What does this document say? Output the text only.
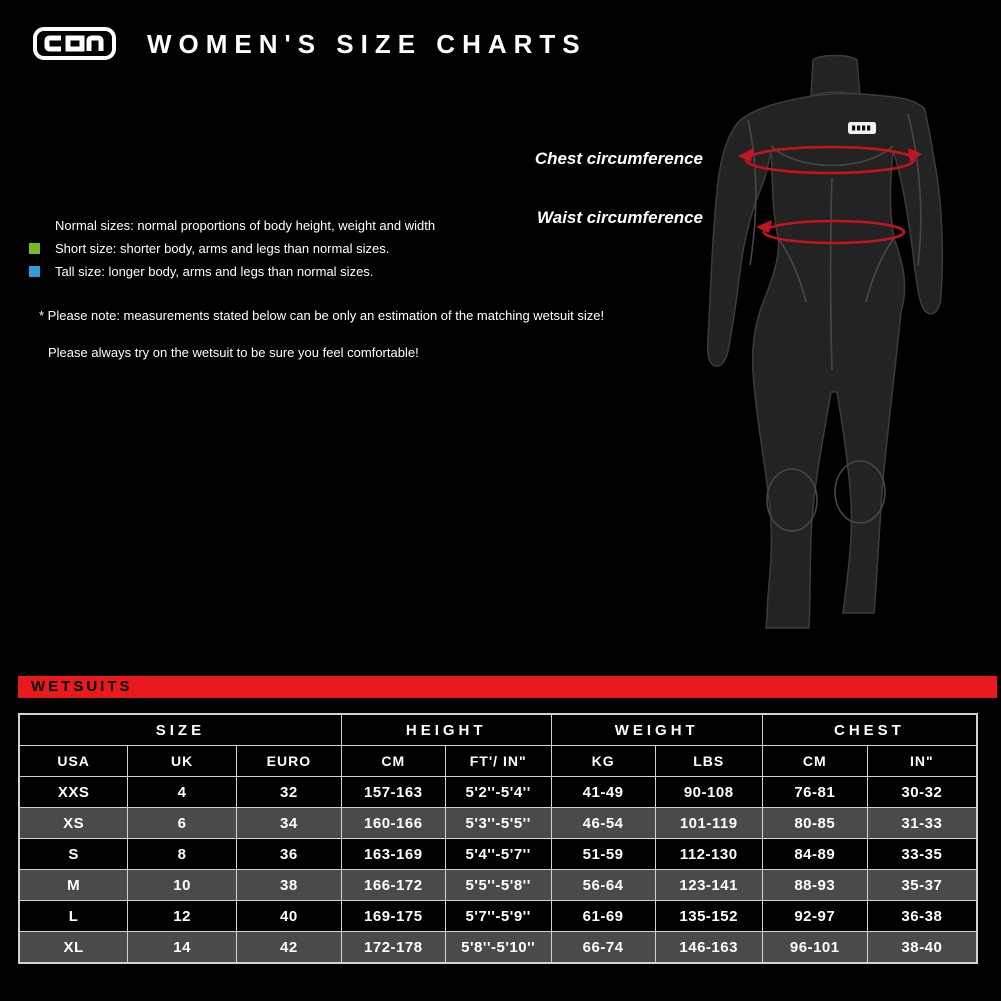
WOMEN'S SIZE CHARTS
Normal sizes: normal proportions of body height, weight and width
Short size: shorter body, arms and legs than normal sizes.
Tall size: longer body, arms and legs than normal sizes.
* Please note: measurements stated below can be only an estimation of the matching wetsuit size!
Please always try on the wetsuit to be sure you feel comfortable!
Chest circumference
Waist circumference
WETSUITS
SIZE			HEIGHT		WEIGHT		CHEST	
USA	UK	EURO	CM	FT'/ IN"	KG	LBS	CM	IN"
XXS	4	32	157-163	5'2''-5'4''	41-49	90-108	76-81	30-32
XS	6	34	160-166	5'3''-5'5''	46-54	101-119	80-85	31-33
S	8	36	163-169	5'4''-5'7''	51-59	112-130	84-89	33-35
M	10	38	166-172	5'5''-5'8''	56-64	123-141	88-93	35-37
L	12	40	169-175	5'7''-5'9''	61-69	135-152	92-97	36-38
XL	14	42	172-178	5'8''-5'10''	66-74	146-163	96-101	38-40
